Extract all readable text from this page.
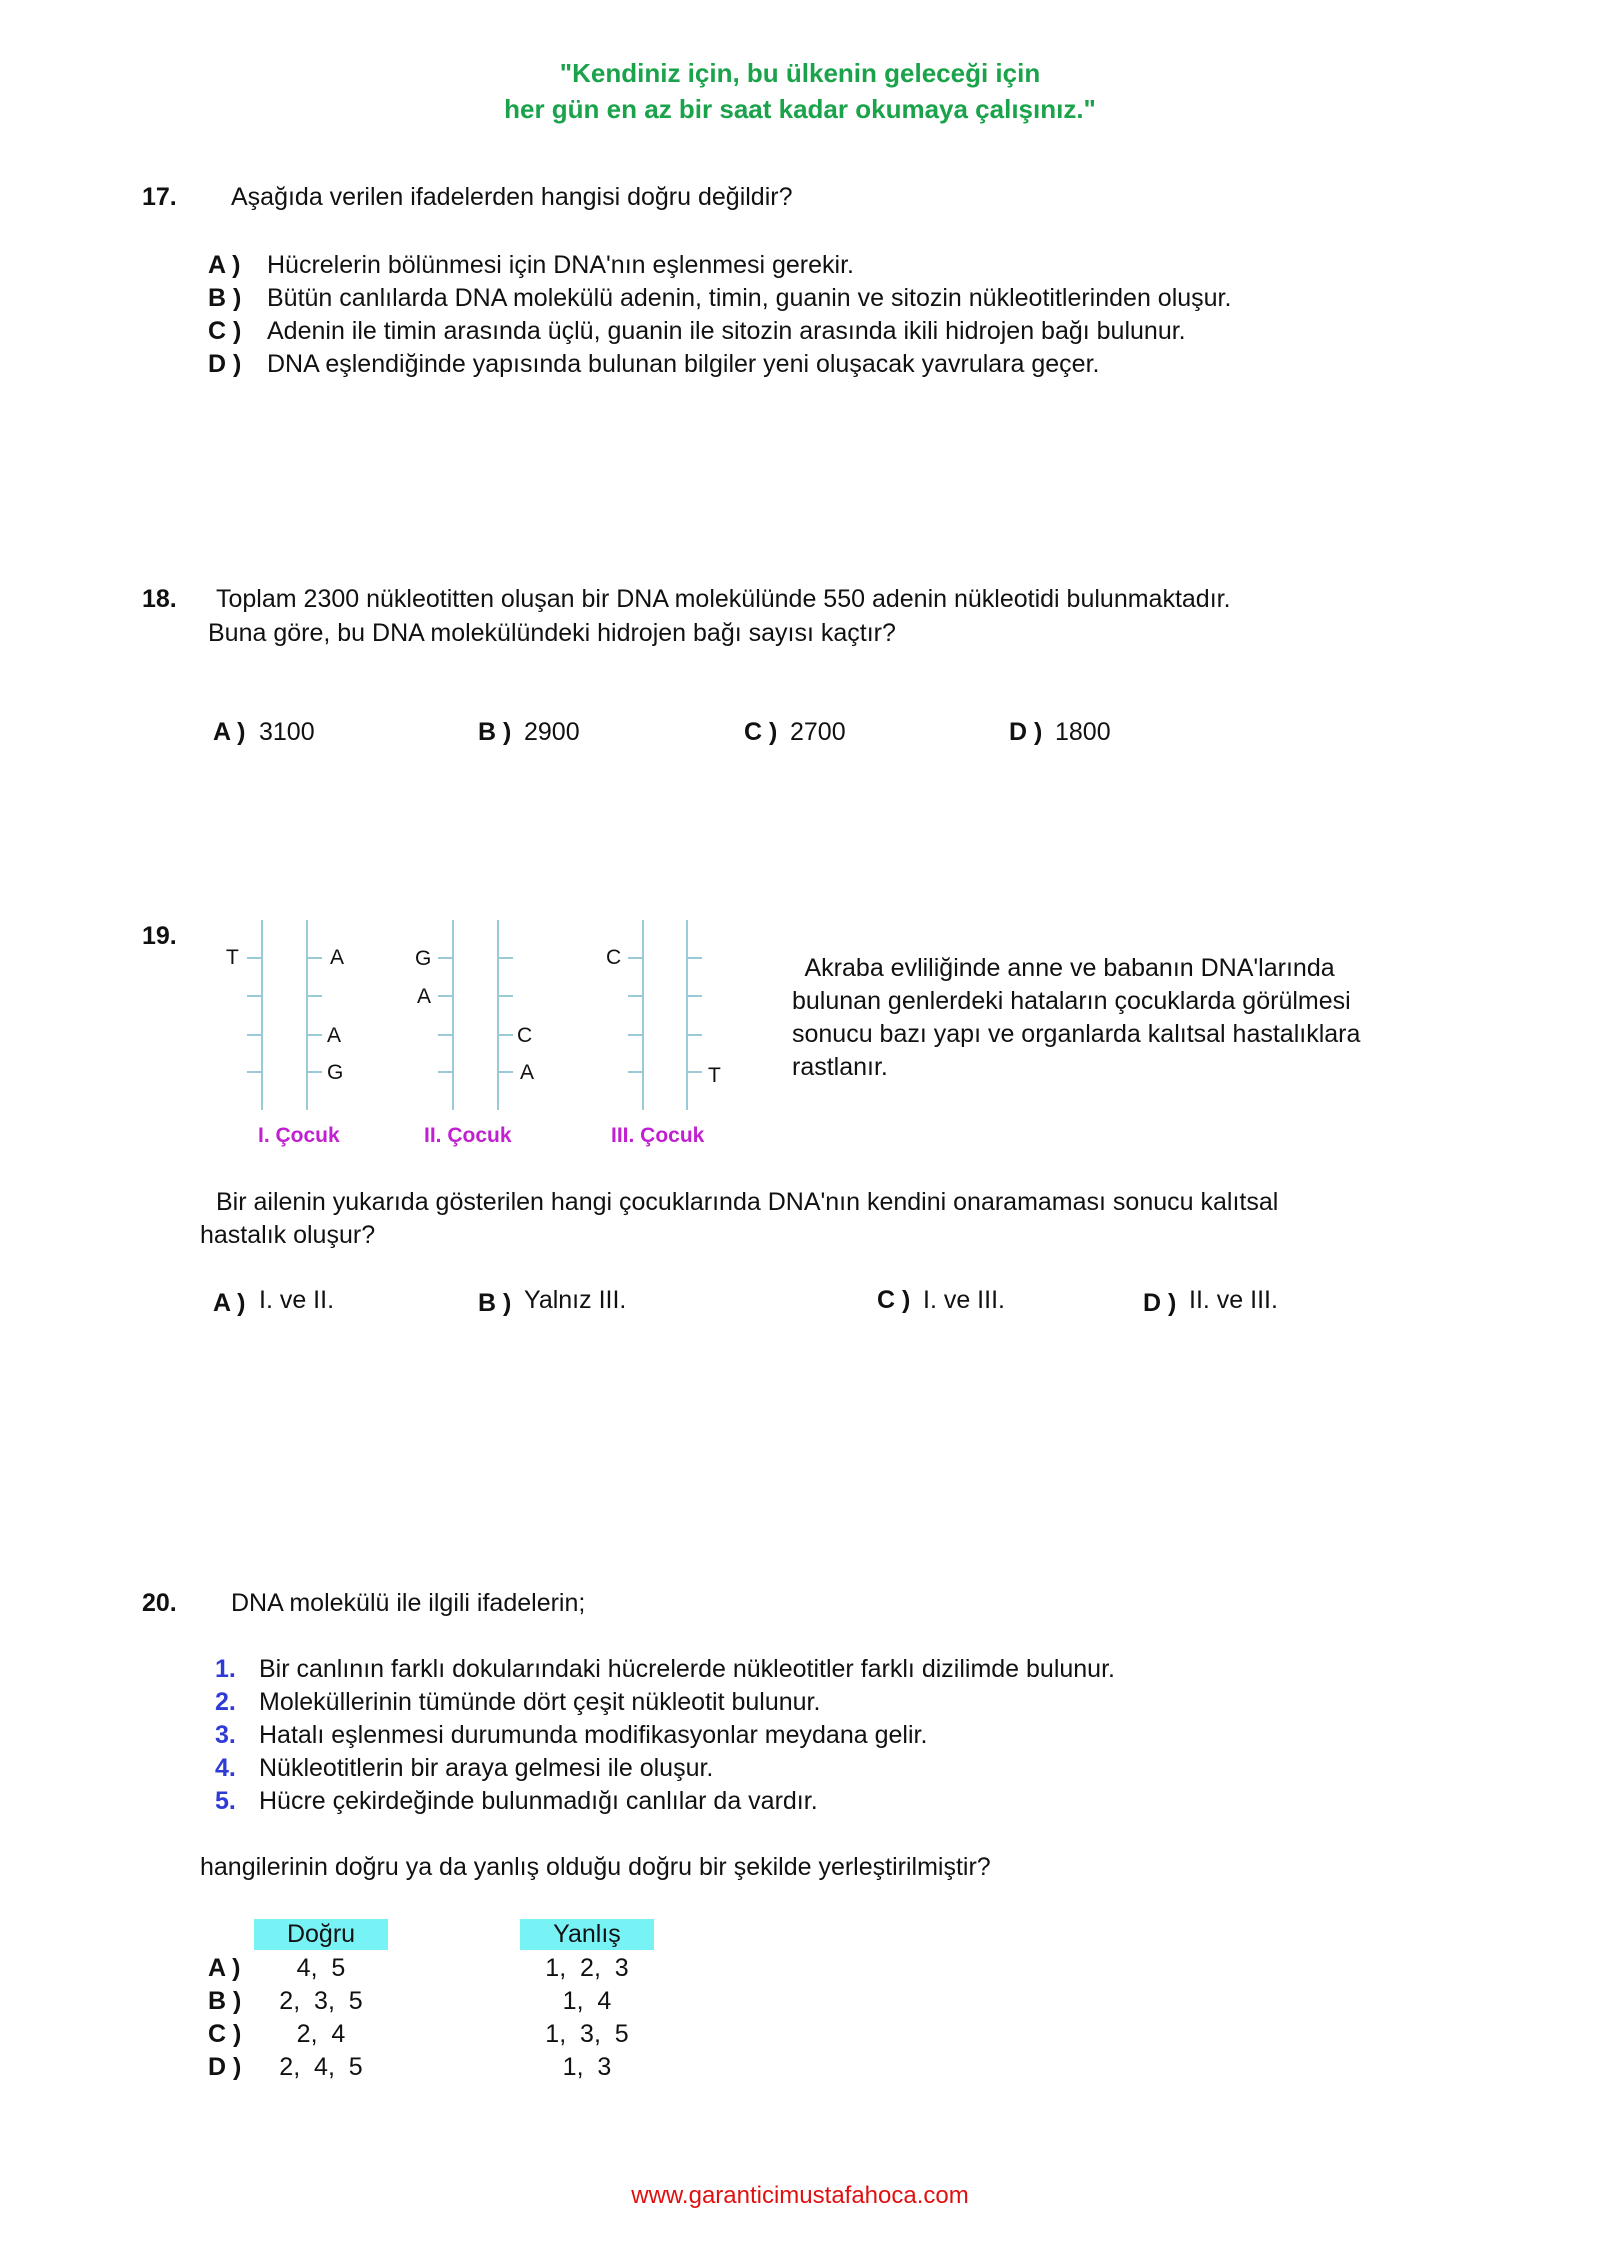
"Kendiniz için, bu ülkenin geleceği için
her gün en az bir saat kadar okumaya çalışınız."
17. Aşağıda verilen ifadelerden hangisi doğru değildir?
A ) Hücrelerin bölünmesi için DNA'nın eşlenmesi gerekir.
B ) Bütün canlılarda DNA molekülü adenin, timin, guanin ve sitozin nükleotitlerinden oluşur.
C ) Adenin ile timin arasında üçlü, guanin ile sitozin arasında ikili hidrojen bağı bulunur.
D ) DNA eşlendiğinde yapısında bulunan bilgiler yeni oluşacak yavrulara geçer.
18. Toplam 2300 nükleotitten oluşan bir DNA molekülünde 550 adenin nükleotidi bulunmaktadır.
Buna göre, bu DNA molekülündeki hidrojen bağı sayısı kaçtır?
A ) 3100	B ) 2900	C ) 2700	D ) 1800
19.
T	A
A
G
G
A
C
A
C
T
I. Çocuk	II. Çocuk	III. Çocuk
Akraba evliliğinde anne ve babanın DNA'larında
bulunan genlerdeki hataların çocuklarda görülmesi
sonucu bazı yapı ve organlarda kalıtsal hastalıklara
rastlanır.
Bir ailenin yukarıda gösterilen hangi çocuklarında DNA'nın kendini onaramaması sonucu kalıtsal
hastalık oluşur?
A ) I. ve II.	B ) Yalnız III.	C ) I. ve III.	D ) II. ve III.
20. DNA molekülü ile ilgili ifadelerin;
1. Bir canlının farklı dokularındaki hücrelerde nükleotitler farklı dizilimde bulunur.
2. Moleküllerinin tümünde dört çeşit nükleotit bulunur.
3. Hatalı eşlenmesi durumunda modifikasyonlar meydana gelir.
4. Nükleotitlerin bir araya gelmesi ile oluşur.
5. Hücre çekirdeğinde bulunmadığı canlılar da vardır.
hangilerinin doğru ya da yanlış olduğu doğru bir şekilde yerleştirilmiştir?
Doğru	Yanlış
A )	4,  5	1,  2,  3
B )	2,  3,  5	1,  4
C )	2,  4	1,  3,  5
D )	2,  4,  5	1,  3
www.garanticimustafahoca.com
